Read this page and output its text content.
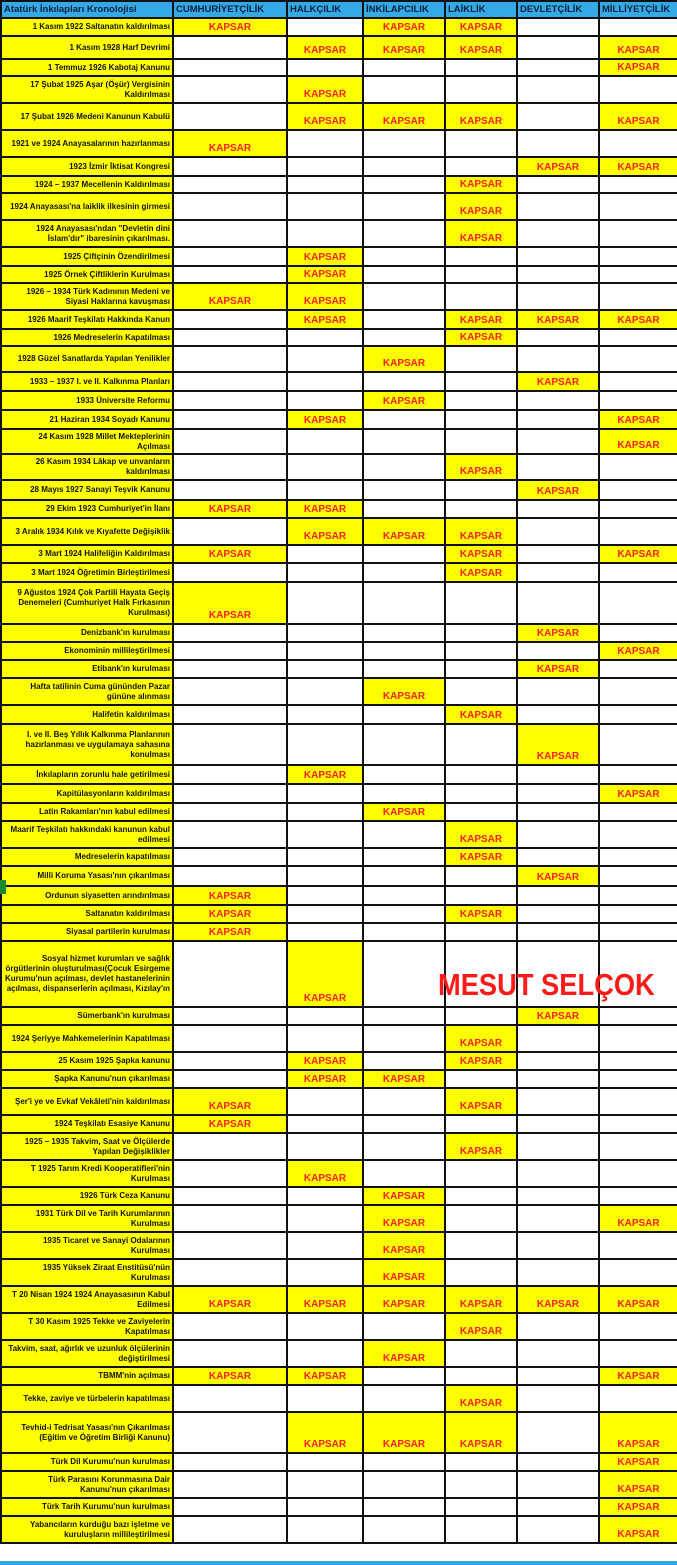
Atatürk İnkılapları Kronolojisi	CUMHURİYETÇİLİK	HALKÇILIK	İNKİLAPCILIK	LAİKLİK	DEVLETÇİLİK	MİLLİYETÇİLİK
1 Kasım 1922 Saltanatın kaldırılması	KAPSAR		KAPSAR	KAPSAR		
1 Kasım 1928 Harf Devrimi		KAPSAR	KAPSAR	KAPSAR		KAPSAR
1 Temmuz 1926 Kabotaj Kanunu						KAPSAR
17 Şubat 1925 Aşar (Öşür) Vergisinin Kaldırılması		KAPSAR				
17 Şubat 1926 Medeni Kanunun Kabulü		KAPSAR	KAPSAR	KAPSAR		KAPSAR
1921 ve 1924 Anayasalarının hazırlanması	KAPSAR					
1923 İzmir İktisat Kongresi					KAPSAR	KAPSAR
1924 – 1937 Mecellenin Kaldırılması				KAPSAR		
1924 Anayasası'na laiklik ilkesinin girmesi				KAPSAR		
1924 Anayasası'ndan "Devletin dini İslam'dır" ibaresinin çıkarılması.				KAPSAR		
1925 Çiftçinin Özendirilmesi		KAPSAR				
1925 Örnek Çiftliklerin Kurulması		KAPSAR				
1926 – 1934 Türk Kadınının Medeni ve Siyasi Haklarına kavuşması	KAPSAR	KAPSAR				
1926 Maarif Teşkilatı Hakkında Kanun		KAPSAR		KAPSAR	KAPSAR	KAPSAR
1926 Medreselerin Kapatılması				KAPSAR		
1928 Güzel Sanatlarda Yapılan Yenilikler			KAPSAR			
1933 – 1937 I. ve II. Kalkınma Planları					KAPSAR	
1933 Üniversite Reformu			KAPSAR			
21 Haziran 1934 Soyadı Kanunu		KAPSAR				KAPSAR
24 Kasım 1928 Millet Mekteplerinin Açılması						KAPSAR
26 Kasım 1934 Lâkap ve unvanların kaldırılması				KAPSAR		
28 Mayıs 1927 Sanayi Teşvik Kanunu					KAPSAR	
29 Ekim 1923 Cumhuriyet'in İlanı	KAPSAR	KAPSAR				
3 Aralık 1934 Kılık ve Kıyafette Değişiklik		KAPSAR	KAPSAR	KAPSAR		
3 Mart 1924 Halifeliğin Kaldırılması	KAPSAR			KAPSAR		KAPSAR
3 Mart 1924 Öğretimin Birleştirilmesi				KAPSAR		
9 Ağustos 1924 Çok Partili Hayata Geçiş Denemeleri (Cumhuriyet Halk Fırkasının Kurulması)	KAPSAR					
Denizbank'ın kurulması					KAPSAR	
Ekonominin millileştirilmesi						KAPSAR
Etibank'ın kurulması					KAPSAR	
Hafta tatilinin Cuma gününden Pazar gününe alınması			KAPSAR			
Halifetin kaldırılması				KAPSAR		
I. ve II. Beş Yıllık Kalkınma Planlarının hazırlanması ve uygulamaya sahasına konulması					KAPSAR	
İnkılapların zorunlu hale getirilmesi		KAPSAR				
Kapitülasyonların kaldırılması						KAPSAR
Latin Rakamları'nın kabul edilmesi			KAPSAR			
Maarif Teşkilatı hakkındaki kanunun kabul edilmesi				KAPSAR		
Medreselerin kapatılması				KAPSAR		
Milli Koruma Yasası'nın çıkarılması					KAPSAR	
Ordunun siyasetten arındırılması	KAPSAR					
Saltanatın kaldırılması	KAPSAR			KAPSAR		
Siyasal partilerin kurulması	KAPSAR					
Sosyal hizmet kurumları ve sağlık örgütlerinin oluşturulması(Çocuk Esirgeme Kurumu'nun açılması, devlet hastanelerinin açılması, dispanserlerin açılması, Kızılay'ın		KAPSAR				
Sümerbank'ın kurulması					KAPSAR	
1924 Şeriyye Mahkemelerinin Kapatılması				KAPSAR		
25 Kasım 1925 Şapka kanunu		KAPSAR		KAPSAR		
Şapka Kanunu'nun çıkarılması		KAPSAR	KAPSAR			
Şer'i ye ve Evkaf Vekâleti'nin kaldırılması	KAPSAR			KAPSAR		
1924 Teşkilatı Esasiye Kanunu	KAPSAR					
1925 – 1935 Takvim, Saat ve Ölçülerde Yapılan Değişiklikler				KAPSAR		
T 1925 Tarım Kredi Kooperatifleri'nin Kurulması		KAPSAR				
1926 Türk Ceza Kanunu			KAPSAR			
1931 Türk Dil ve Tarih Kurumlarının Kurulması			KAPSAR			KAPSAR
1935 Ticaret ve Sanayi Odalarının Kurulması			KAPSAR			
1935 Yüksek Ziraat Enstitüsü'nün Kurulması			KAPSAR			
T 20 Nisan 1924 1924 Anayasasının Kabul Edilmesi	KAPSAR	KAPSAR	KAPSAR	KAPSAR	KAPSAR	KAPSAR
T 30 Kasım 1925 Tekke ve Zaviyelerin Kapatılması				KAPSAR		
Takvim, saat, ağırlık ve uzunluk ölçülerinin değiştirilmesi			KAPSAR			
TBMM'nin açılması	KAPSAR	KAPSAR				KAPSAR
Tekke, zaviye ve türbelerin kapatılması				KAPSAR		
Tevhid-i Tedrisat Yasası'nın Çıkarılması (Eğitim ve Öğretim Birliği Kanunu)		KAPSAR	KAPSAR	KAPSAR		KAPSAR
Türk Dil Kurumu'nun kurulması						KAPSAR
Türk Parasını Korunmasına Dair Kanunu'nun çıkarılması						KAPSAR
Türk Tarih Kurumu'nun kurulması						KAPSAR
Yabancıların kurduğu bazı işletme ve kuruluşların millileştirilmesi						KAPSAR
MESUT SELÇOK
